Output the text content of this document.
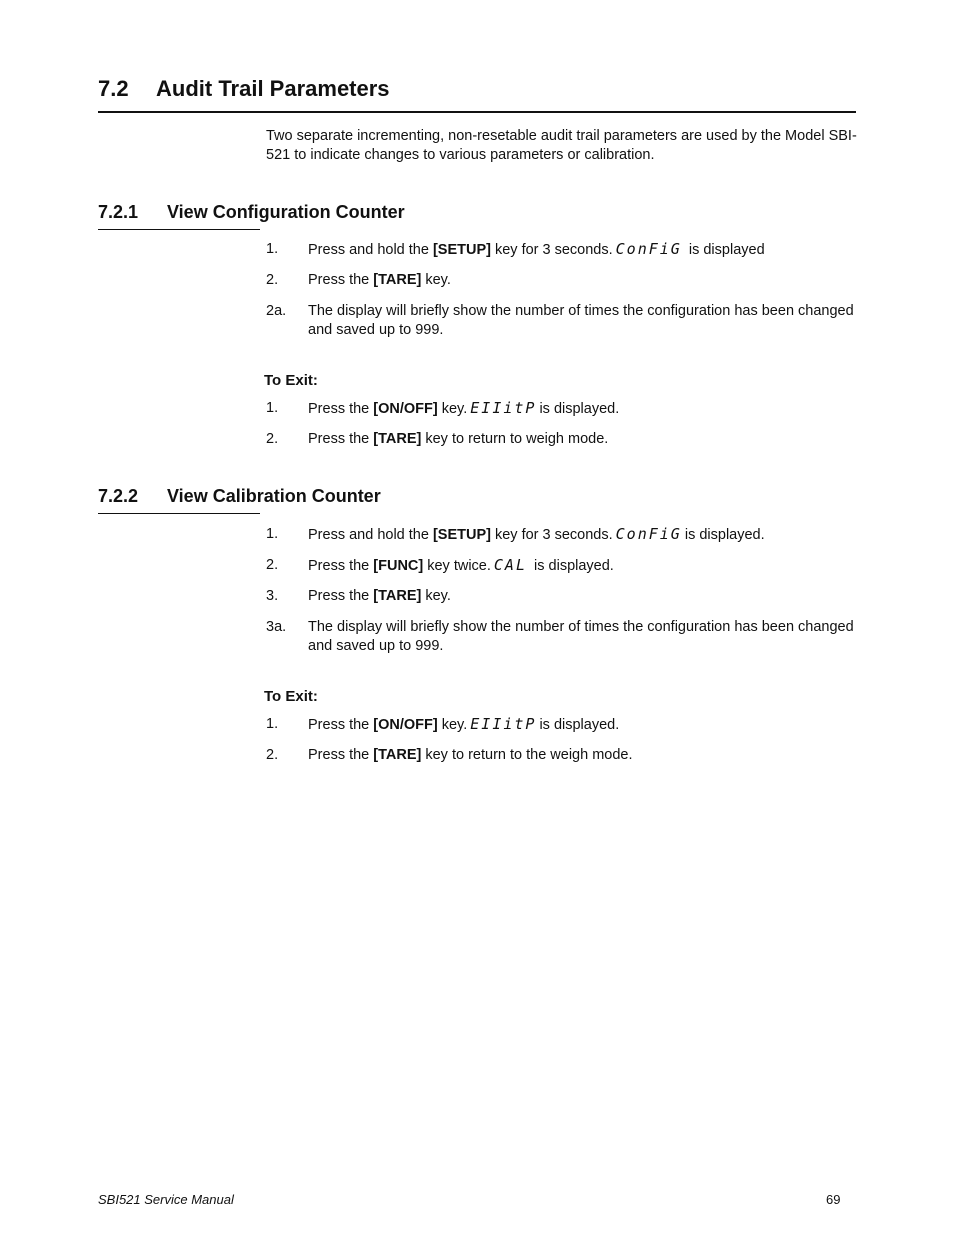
7.2 Audit Trail Parameters
Two separate incrementing, non-resetable audit trail parameters are used by the Model SBI-521 to indicate changes to various parameters or calibration.
7.2.1 View Configuration Counter
1. Press and hold the [SETUP] key for 3 seconds. ConFiG is displayed
2. Press the [TARE] key.
2a. The display will briefly show the number of times the configuration has been changed and saved up to 999.
To Exit:
1. Press the [ON/OFF] key. EIIitP is displayed.
2. Press the [TARE] key to return to weigh mode.
7.2.2 View Calibration Counter
1. Press and hold the [SETUP] key for 3 seconds. ConFiG is displayed.
2. Press the [FUNC] key twice. CAL is displayed.
3. Press the [TARE] key.
3a. The display will briefly show the number of times the configuration has been changed and saved up to 999.
To Exit:
1. Press the [ON/OFF] key. EIIitP is displayed.
2. Press the [TARE] key to return to the weigh mode.
SBI521 Service Manual	69
